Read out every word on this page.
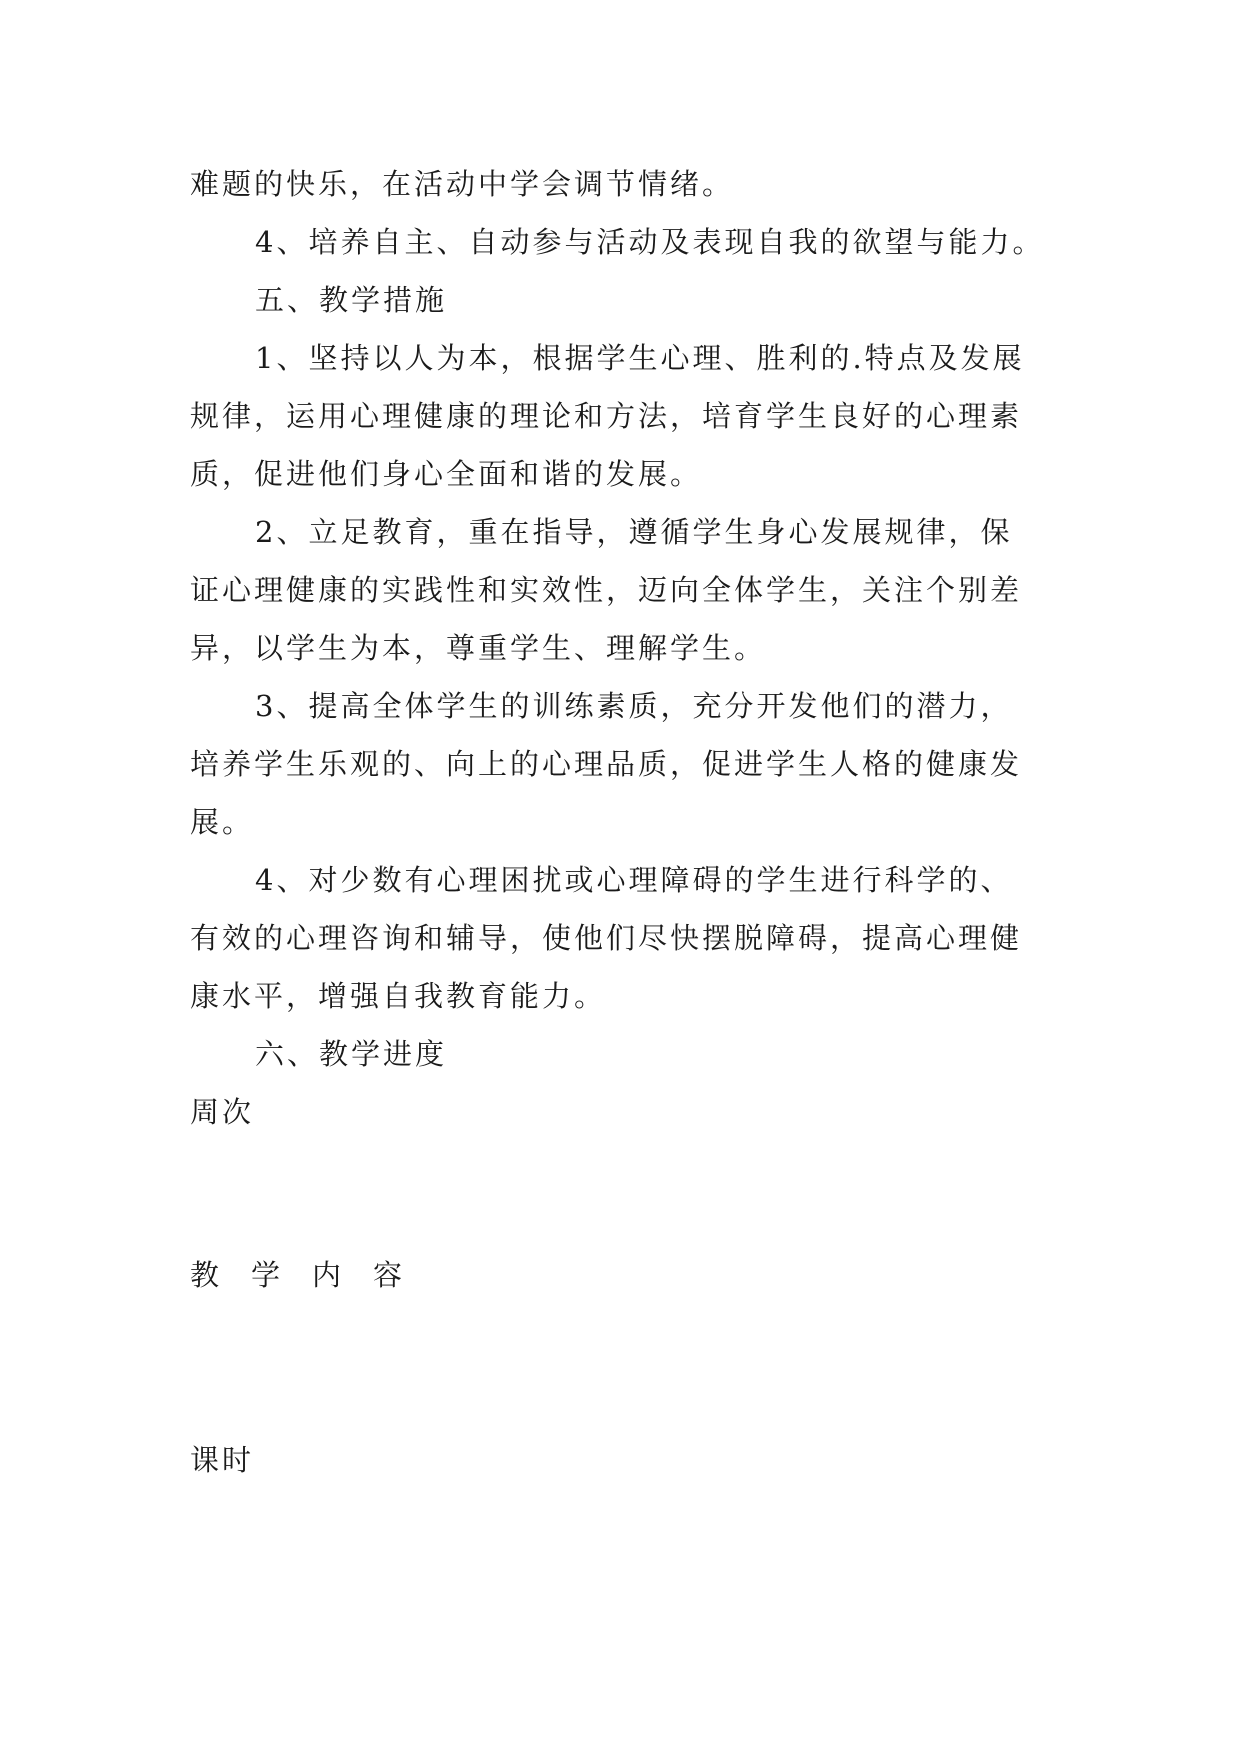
难题的快乐，在活动中学会调节情绪。
4、培养自主、自动参与活动及表现自我的欲望与能力。
五、教学措施
1、坚持以人为本，根据学生心理、胜利的.特点及发展
规律，运用心理健康的理论和方法，培育学生良好的心理素
质，促进他们身心全面和谐的发展。
2、立足教育，重在指导，遵循学生身心发展规律，保
证心理健康的实践性和实效性，迈向全体学生，关注个别差
异，以学生为本，尊重学生、理解学生。
3、提高全体学生的训练素质，充分开发他们的潜力，
培养学生乐观的、向上的心理品质，促进学生人格的健康发
展。
4、对少数有心理困扰或心理障碍的学生进行科学的、
有效的心理咨询和辅导，使他们尽快摆脱障碍，提高心理健
康水平，增强自我教育能力。
六、教学进度
周次
教学内容
课时
